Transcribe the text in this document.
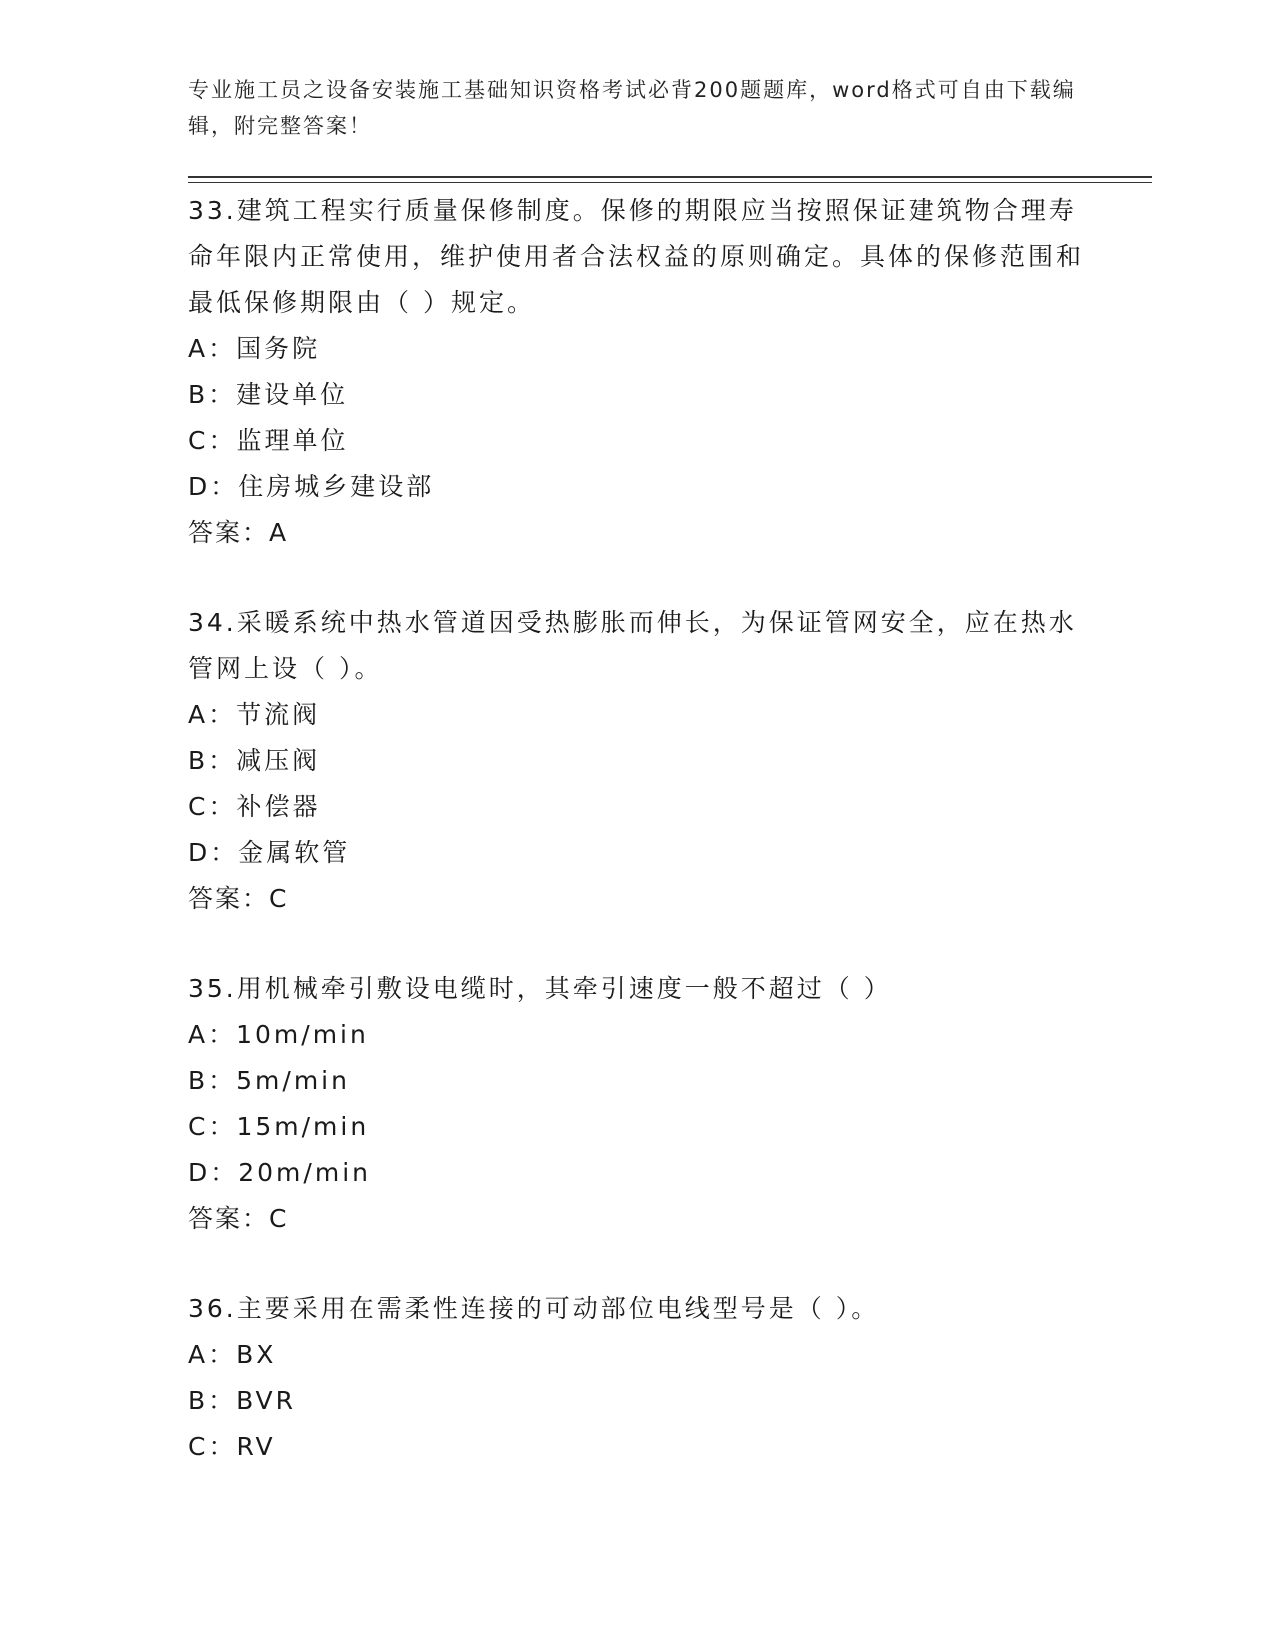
专业施工员之设备安装施工基础知识资格考试必背200题题库，word格式可自由下载编辑，附完整答案！

33.建筑工程实行质量保修制度。保修的期限应当按照保证建筑物合理寿命年限内正常使用，维护使用者合法权益的原则确定。具体的保修范围和最低保修期限由（ ）规定。

A：国务院

B：建设单位

C：监理单位

D：住房城乡建设部

答案：A

34.采暖系统中热水管道因受热膨胀而伸长，为保证管网安全，应在热水管网上设（ ）。

A：节流阀

B：减压阀

C：补偿器

D：金属软管

答案：C

35.用机械牵引敷设电缆时，其牵引速度一般不超过（ ）

A：10m/min

B：5m/min

C：15m/min

D：20m/min

答案：C

36.主要采用在需柔性连接的可动部位电线型号是（ ）。

A：BX

B：BVR

C：RV
